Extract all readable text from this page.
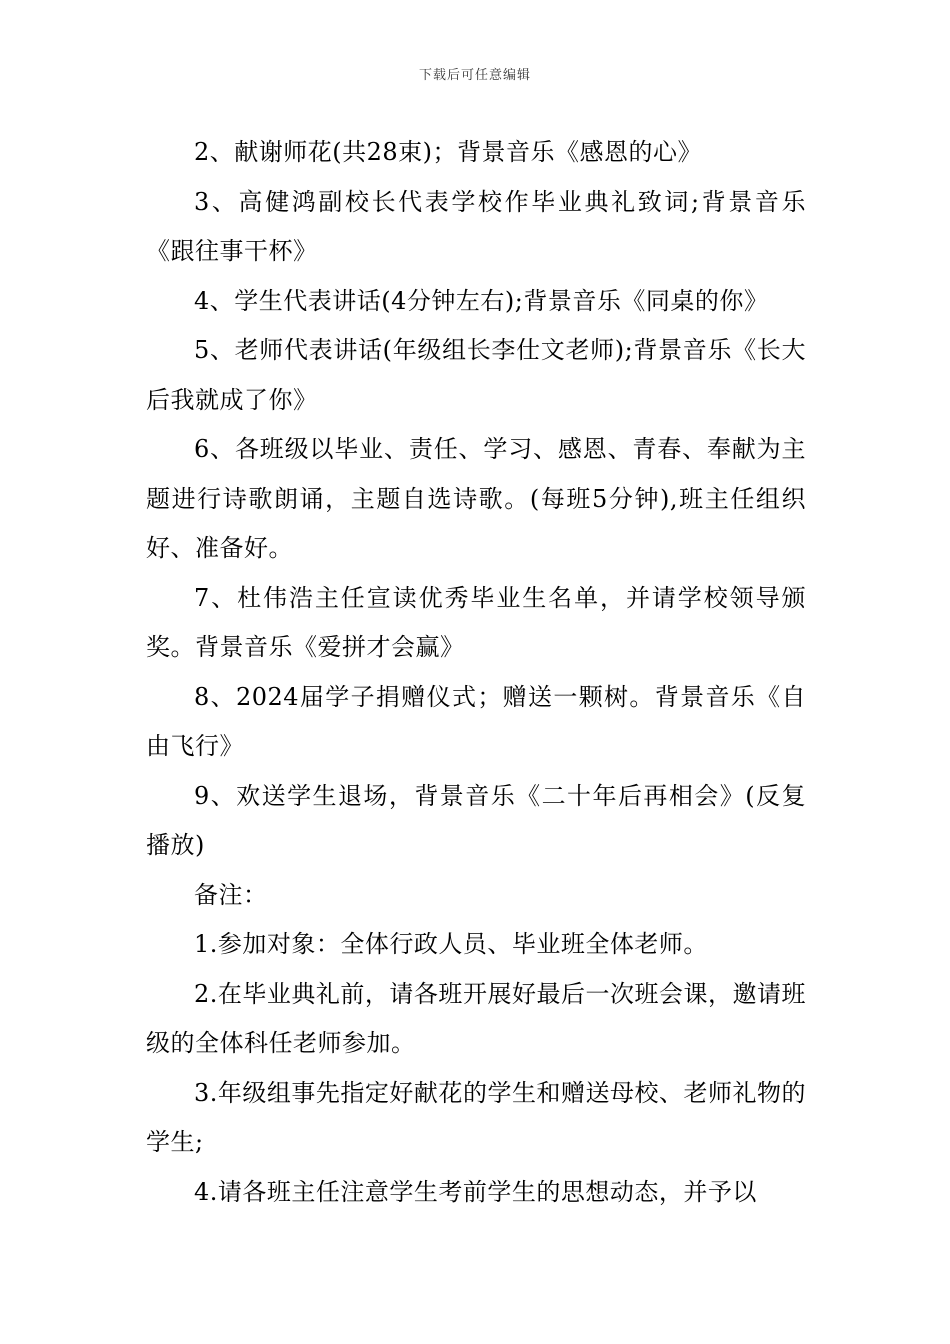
下载后可任意编辑

2、献谢师花(共28束)；背景音乐《感恩的心》

3、高健鸿副校长代表学校作毕业典礼致词;背景音乐《跟往事干杯》

4、学生代表讲话(4分钟左右);背景音乐《同桌的你》

5、老师代表讲话(年级组长李仕文老师);背景音乐《长大后我就成了你》

6、各班级以毕业、责任、学习、感恩、青春、奉献为主题进行诗歌朗诵，主题自选诗歌。(每班5分钟),班主任组织好、准备好。

7、杜伟浩主任宣读优秀毕业生名单，并请学校领导颁奖。背景音乐《爱拼才会赢》

8、2024届学子捐赠仪式；赠送一颗树。背景音乐《自由飞行》

9、欢送学生退场，背景音乐《二十年后再相会》(反复播放)

备注：

1.参加对象：全体行政人员、毕业班全体老师。

2.在毕业典礼前，请各班开展好最后一次班会课，邀请班级的全体科任老师参加。

3.年级组事先指定好献花的学生和赠送母校、老师礼物的学生;

4.请各班主任注意学生考前学生的思想动态，并予以
